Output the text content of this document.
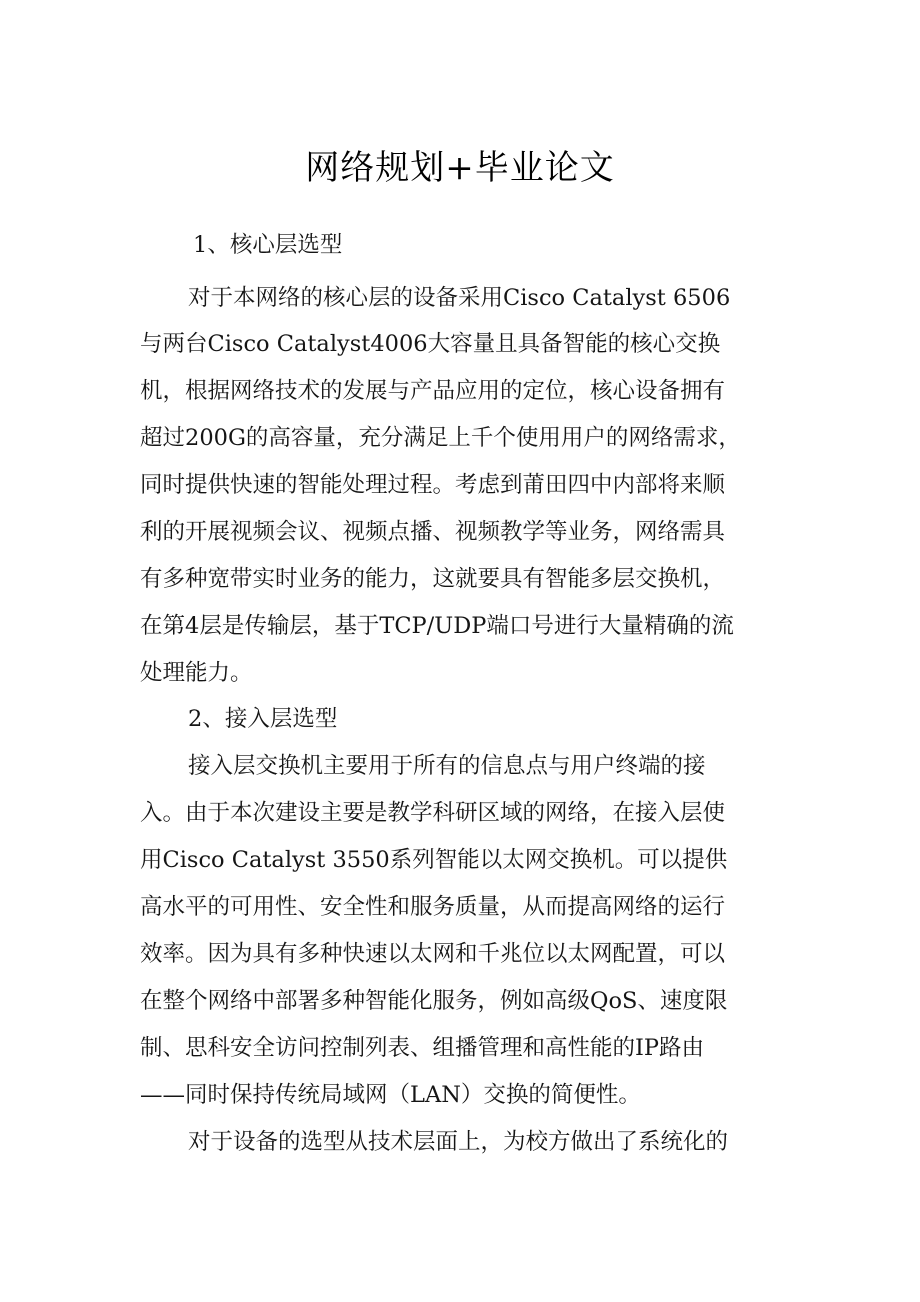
网络规划+毕业论文

1、核心层选型

对于本网络的核心层的设备采用Cisco Catalyst 6506

与两台Cisco Catalyst4006大容量且具备智能的核心交换

机，根据网络技术的发展与产品应用的定位，核心设备拥有

超过200G的高容量，充分满足上千个使用用户的网络需求，

同时提供快速的智能处理过程。考虑到莆田四中内部将来顺

利的开展视频会议、视频点播、视频教学等业务，网络需具

有多种宽带实时业务的能力，这就要具有智能多层交换机，

在第4层是传输层，基于TCP/UDP端口号进行大量精确的流

处理能力。

2、接入层选型

接入层交换机主要用于所有的信息点与用户终端的接

入。由于本次建设主要是教学科研区域的网络，在接入层使

用Cisco Catalyst 3550系列智能以太网交换机。可以提供

高水平的可用性、安全性和服务质量，从而提高网络的运行

效率。因为具有多种快速以太网和千兆位以太网配置，可以

在整个网络中部署多种智能化服务，例如高级QoS、速度限

制、思科安全访问控制列表、组播管理和高性能的IP路由

——同时保持传统局域网（LAN）交换的简便性。

对于设备的选型从技术层面上，为校方做出了系统化的
